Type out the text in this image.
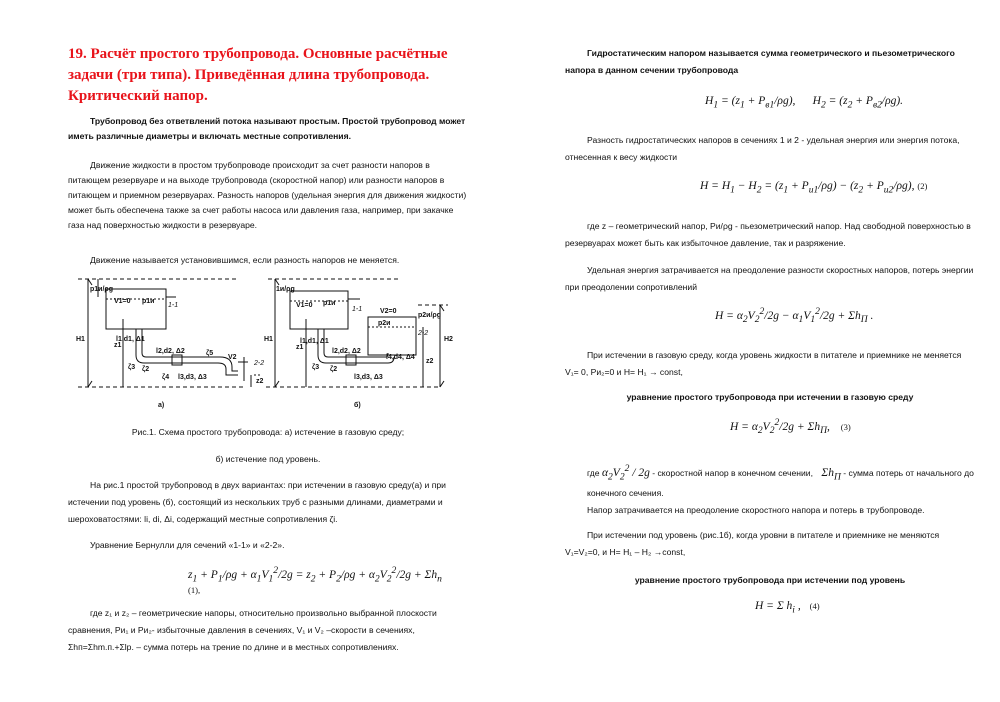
19. Расчёт простого трубопровода. Основные расчётные задачи (три типа). Приведённая длина трубопровода. Критический напор.

Трубопровод без ответвлений потока называют простым. Простой трубопровод может иметь различные диаметры и включать местные сопротивления.

Движение жидкости в простом трубопроводе происходит за счет разности напоров в питающем резервуаре и на выходе трубопровода (скоростной напор) или разности напоров в питающем и приемном резервуарах. Разность напоров (удельная энергия для движения жидкости) может быть обеспечена также за счет работы насоса или давления газа, например, при закачке газа над поверхностью жидкости в резервуаре.

Движение называется установившимся, если разность напоров не меняется.

p1и/ρg
V1=0 p1и
1-1
H1
z1
l1,d1, Δ1
l2,d2, Δ2
l3,d3, Δ3
ζ5
V2
2-2
z2
ζ2
ζ3
ζ4
1и/ρg
V1=0 p1и
1-1
H1
z1
l1,d1, Δ1
l2,d2, Δ2
l3,d3, Δ3
l4,d4, Δ4
V2=0
p2и
p2и/ρg
2-2
H2
z2
ζ2
ζ3
а)	б)

Рис.1. Схема простого трубопровода: а) истечение в газовую среду;

б) истечение под уровень.

На рис.1 простой трубопровод в двух вариантах: при истечении в газовую среду(а) и при истечении под уровень (б), состоящий из нескольких труб с разными длинами, диаметрами и шероховатостями: li, di, Δi, содержащий местные сопротивления ζi.

Уравнение Бернулли для сечений «1-1» и «2-2».

$z_1 + P_1/\rho g + \alpha_1V_1^2/2g = z_2 + P_2/\rho g + \alpha_2V_2^2/2g + \Sigma h_п$ (1),

где z₁ и z₂ – геометрические напоры, относительно произвольно выбранной плоскости сравнения, Pи₁ и Pи₂- избыточные давления в сечениях, V₁ и V₂ –скорости в сечениях, Σhп=Σhm.п.+Σlр. – сумма потерь на трение по длине и в местных сопротивлениях.

Гидростатическим напором называется сумма геометрического и пьезометрического напора в данном сечении трубопровода

$H_1 = (z_1 + P_{в1}/\rho g)$,      $H_2 = (z_2 + P_{в2}/\rho g)$.

Разность гидростатических напоров в сечениях 1 и 2 - удельная энергия или энергия потока, отнесенная к весу жидкости

$H = H_1 - H_2 = (z_1 + P_{и1}/\rho g) - (z_2 + P_{и2}/\rho g)$, (2)

где z – геометрический напор, Pи/ρg - пьезометрический напор. Над свободной поверхностью в резервуарах может быть как избыточное давление, так и разряжение.

Удельная энергия затрачивается на преодоление разности скоростных напоров, потерь энергии при преодолении сопротивлений

$H = \alpha_2V_2^2/2g - \alpha_1V_1^2/2g + \Sigma h_П$ .

При истечении в газовую среду, когда уровень жидкости в питателе и приемнике не меняется V₁= 0, Pи₂=0 и H= H₁ → const,

уравнение простого трубопровода при истечении в газовую среду

$H = \alpha_2V_2^2/2g + \Sigma h_П$, (3)
где $\alpha_2V_2^2 / 2g$ - скоростной напор в конечном сечении, $\Sigma h_П$ - сумма потерь от начального до конечного сечения.

Напор затрачивается на преодоление скоростного напора и потерь в трубопроводе.

При истечении под уровень (рис.1б), когда уровни в питателе и приемнике не меняются V₁=V₂=0, и H= H₁ – H₂ →const,

уравнение простого трубопровода при истечении под уровень

H = Σ $h_i$ , (4)
